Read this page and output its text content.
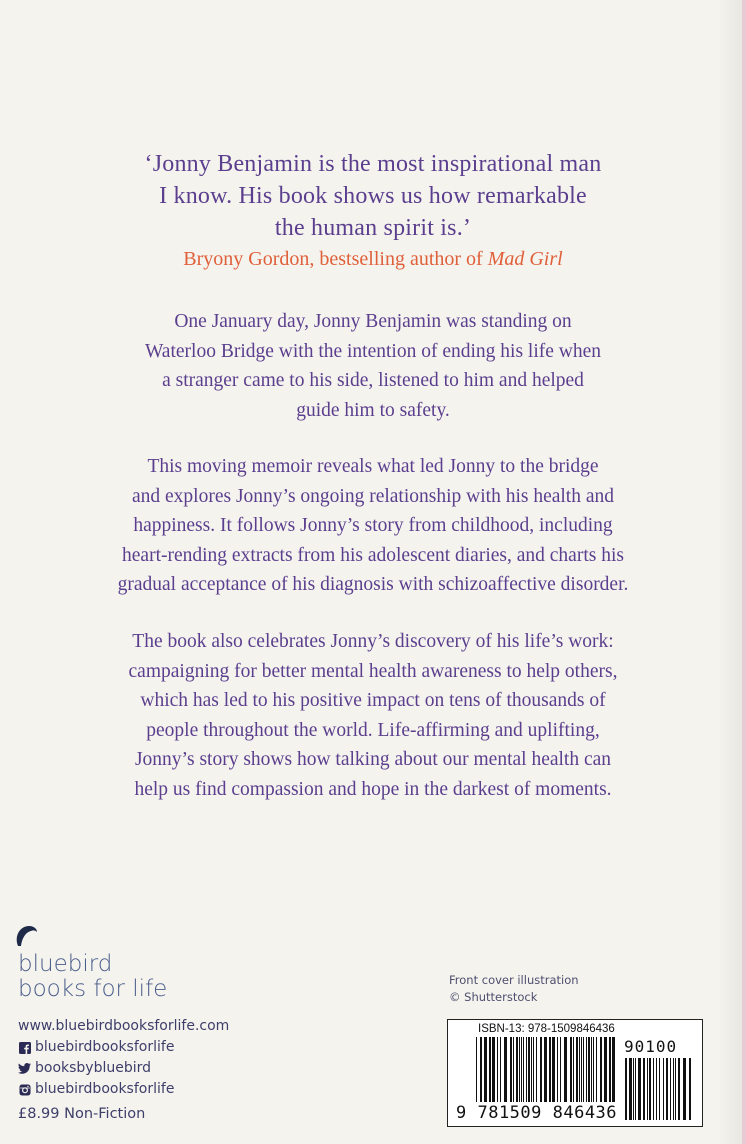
‘Jonny Benjamin is the most inspirational man
I know. His book shows us how remarkable
the human spirit is.’
Bryony Gordon, bestselling author of Mad Girl
One January day, Jonny Benjamin was standing on
Waterloo Bridge with the intention of ending his life when
a stranger came to his side, listened to him and helped
guide him to safety.
This moving memoir reveals what led Jonny to the bridge
and explores Jonny’s ongoing relationship with his health and
happiness. It follows Jonny’s story from childhood, including
heart-rending extracts from his adolescent diaries, and charts his
gradual acceptance of his diagnosis with schizoaffective disorder.
The book also celebrates Jonny’s discovery of his life’s work:
campaigning for better mental health awareness to help others,
which has led to his positive impact on tens of thousands of
people throughout the world. Life-affirming and uplifting,
Jonny’s story shows how talking about our mental health can
help us find compassion and hope in the darkest of moments.
bluebird
books for life
www.bluebirdbooksforlife.com
bluebirdbooksforlife
booksbybluebird
bluebirdbooksforlife
£8.99 Non-Fiction
Front cover illustration
© Shutterstock
ISBN-13: 978-1509846436
90100
9 781509 846436
